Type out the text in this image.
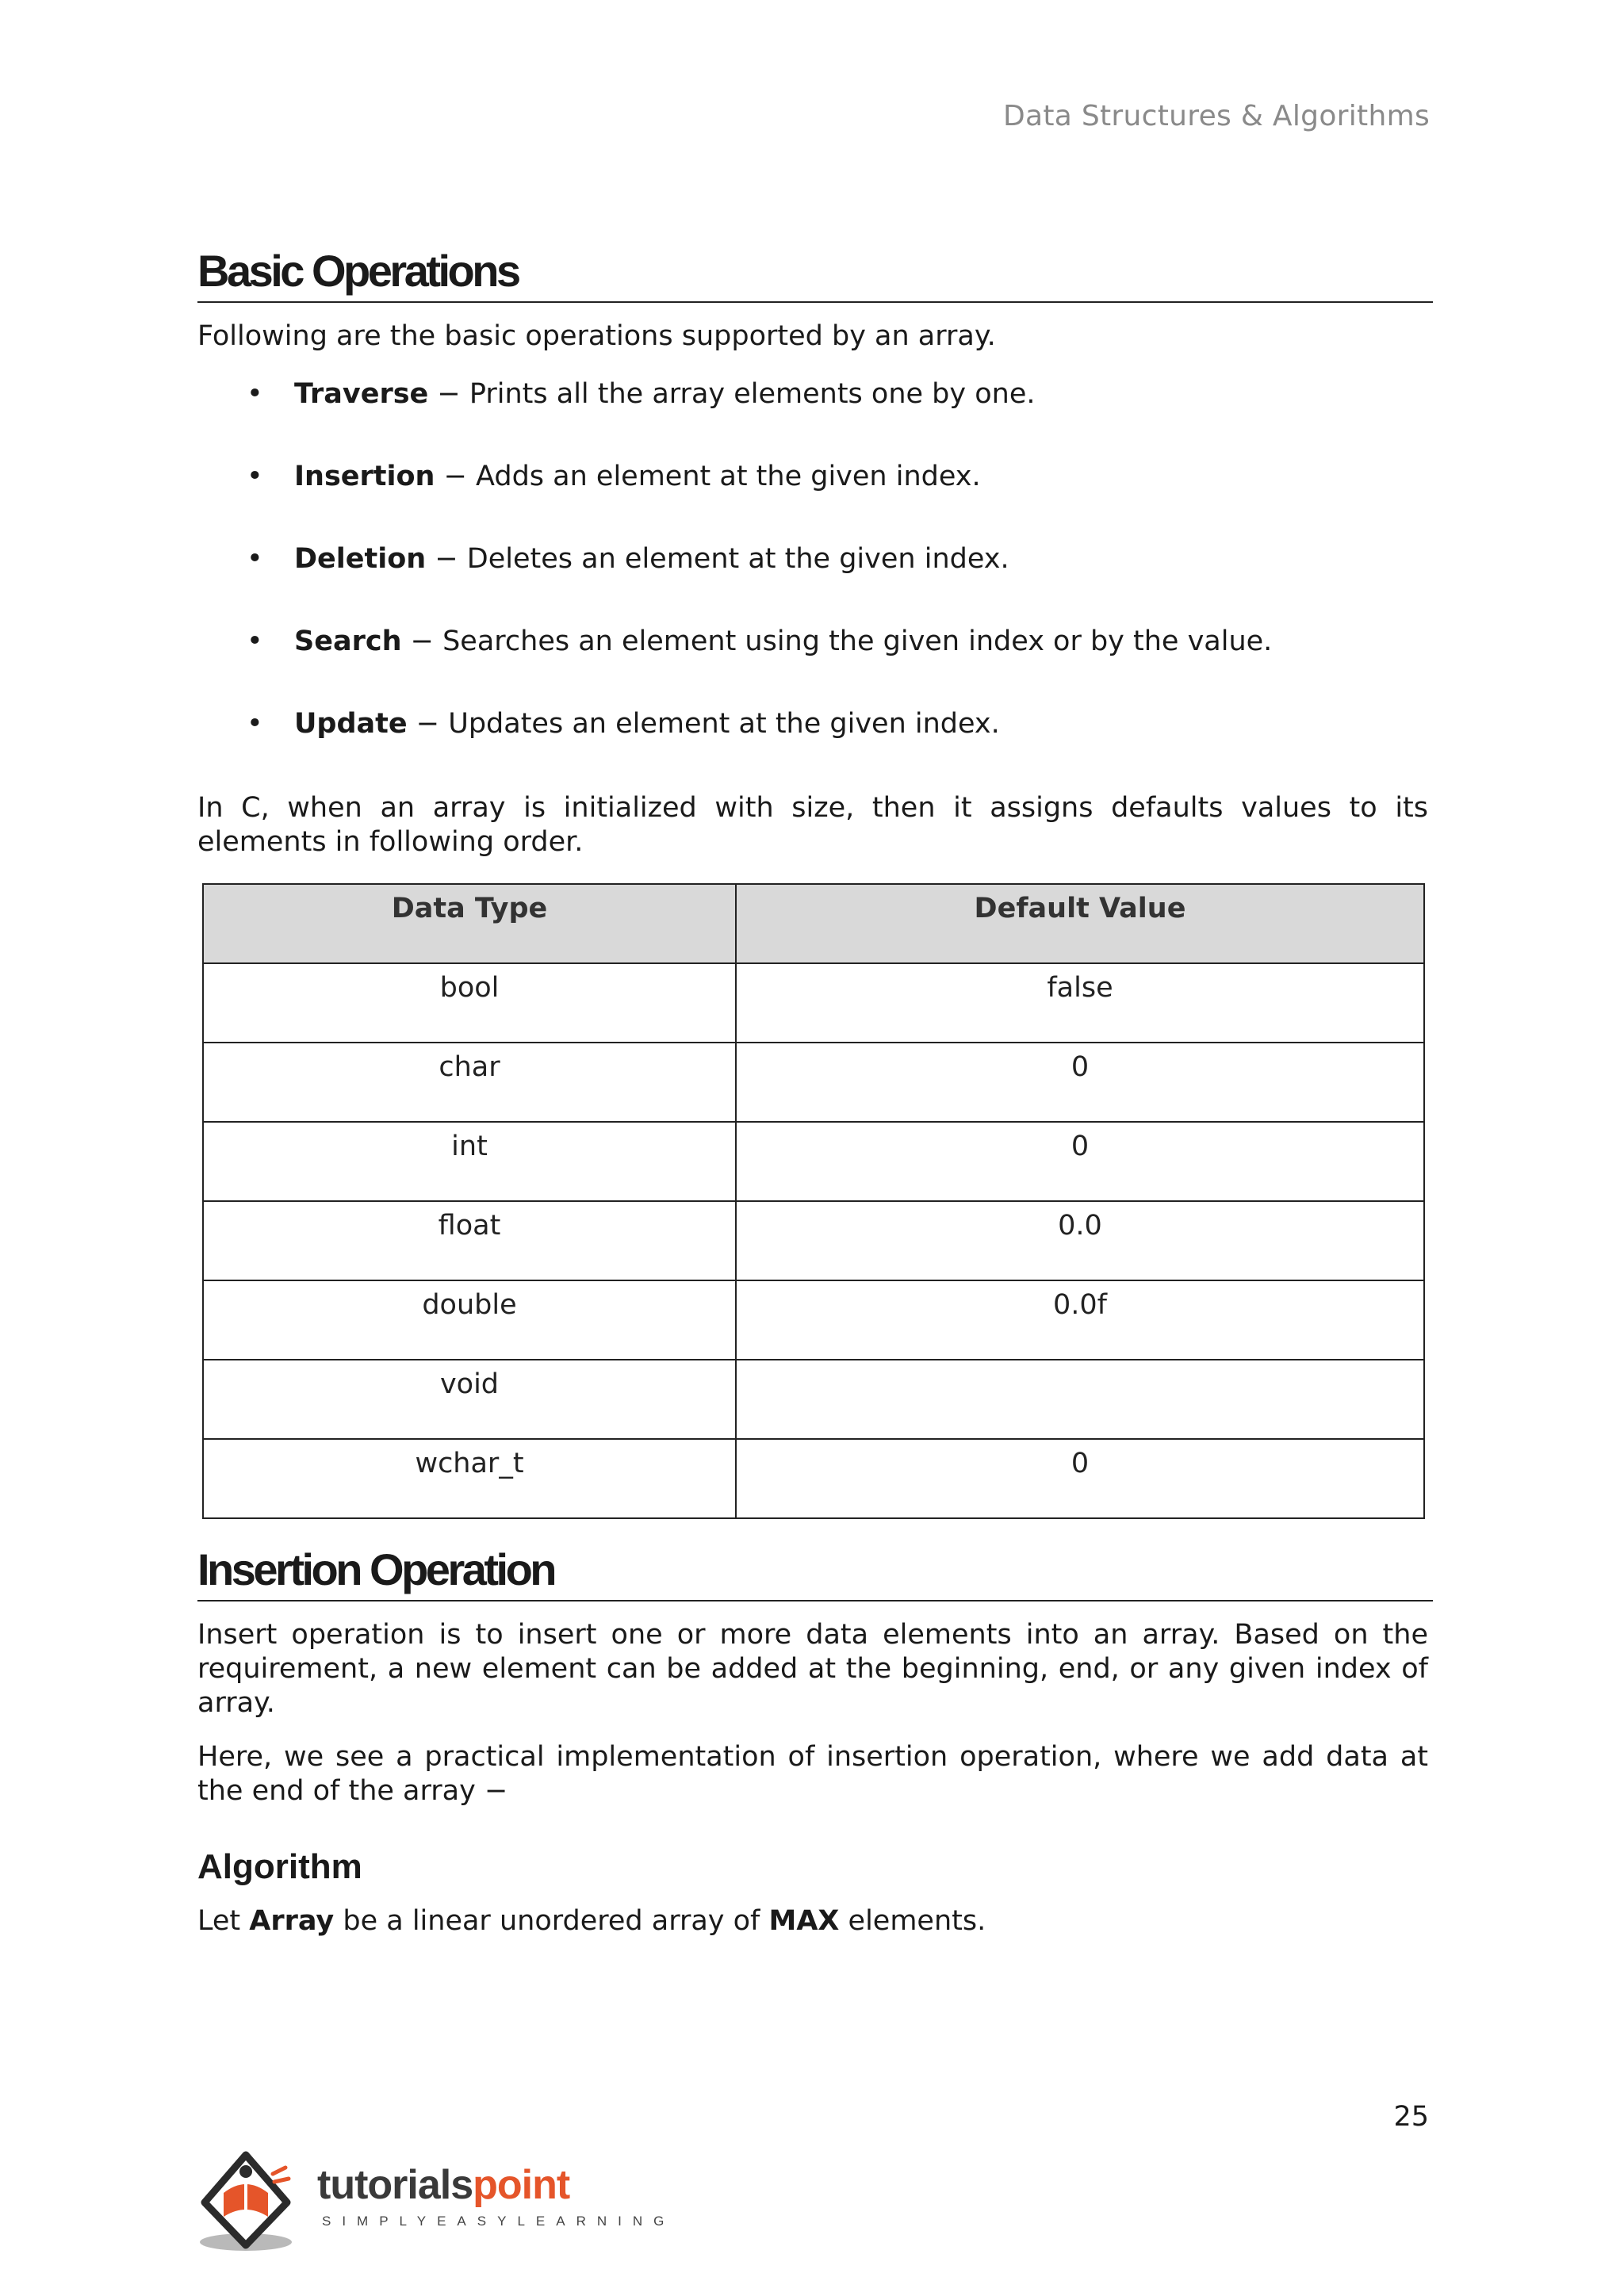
Data Structures & Algorithms
Basic Operations

Following are the basic operations supported by an array.

• Traverse − Prints all the array elements one by one.
• Insertion − Adds an element at the given index.
• Deletion − Deletes an element at the given index.
• Search − Searches an element using the given index or by the value.
• Update − Updates an element at the given index.

In C, when an array is initialized with size, then it assigns defaults values to its elements in following order.

Data Type	Default Value
bool	false
char	0
int	0
float	0.0
double	0.0f
void	
wchar_t	0
Insertion Operation

Insert operation is to insert one or more data elements into an array. Based on the requirement, a new element can be added at the beginning, end, or any given index of array.

Here, we see a practical implementation of insertion operation, where we add data at the end of the array −

Algorithm

Let Array be a linear unordered array of MAX elements.

25
tutorialspoint
SIMPLYEASYLEARNING
